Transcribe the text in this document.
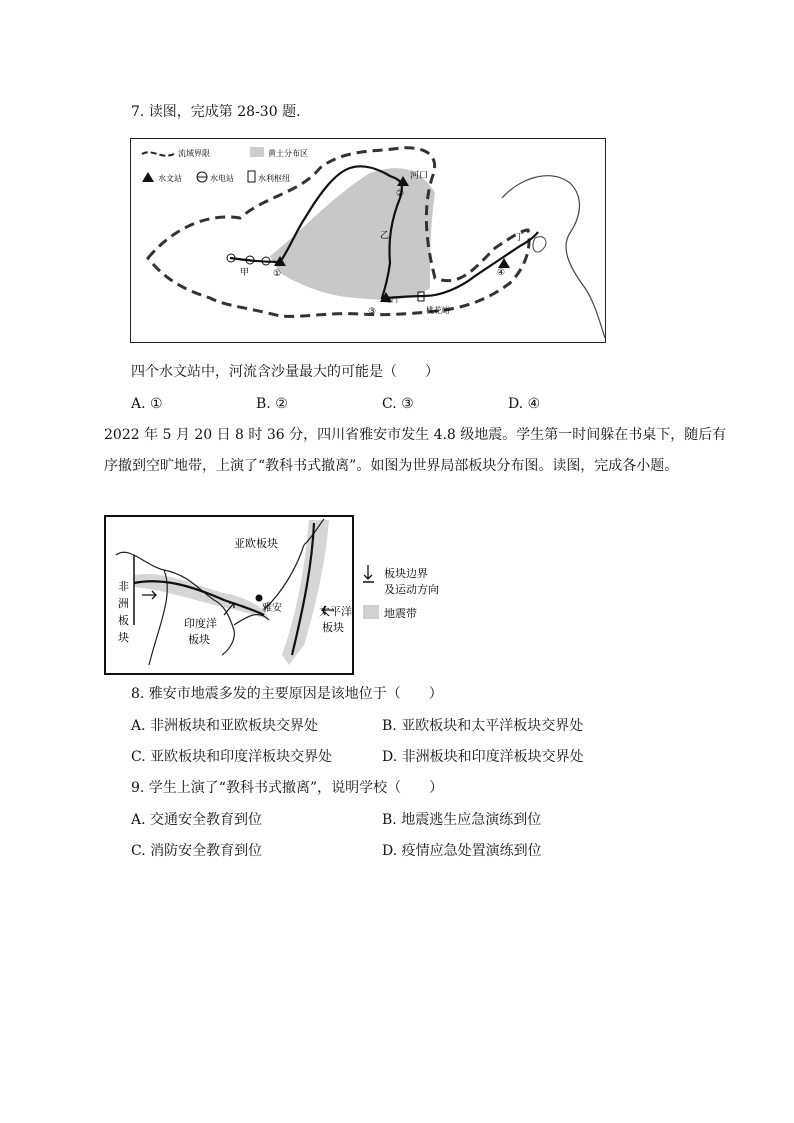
7. 读图，完成第 28-30 题．
流域界限	黄土分布区
水文站	水电站	水利枢纽
①
②
河口
③
龙门
④
甲
乙	丁
桃花峪
四个水文站中，河流含沙量最大的可能是（　　）
A. ①	B. ②	C. ③	D. ④
2022 年 5 月 20 日 8 时 36 分，四川省雅安市发生 4.8 级地震。学生第一时间躲在书桌下，随后有
序撤到空旷地带，上演了“教科书式撤离”。如图为世界局部板块分布图。读图，完成各小题。
亚欧板块
非
洲
板
块
印度洋
板块
太平洋
板块
雅安
板块边界
及运动方向
地震带
8. 雅安市地震多发的主要原因是该地位于（　　）
A. 非洲板块和亚欧板块交界处	B. 亚欧板块和太平洋板块交界处
C. 亚欧板块和印度洋板块交界处	D. 非洲板块和印度洋板块交界处
9. 学生上演了“教科书式撤离”，说明学校（　　）
A. 交通安全教育到位	B. 地震逃生应急演练到位
C. 消防安全教育到位	D. 疫情应急处置演练到位
